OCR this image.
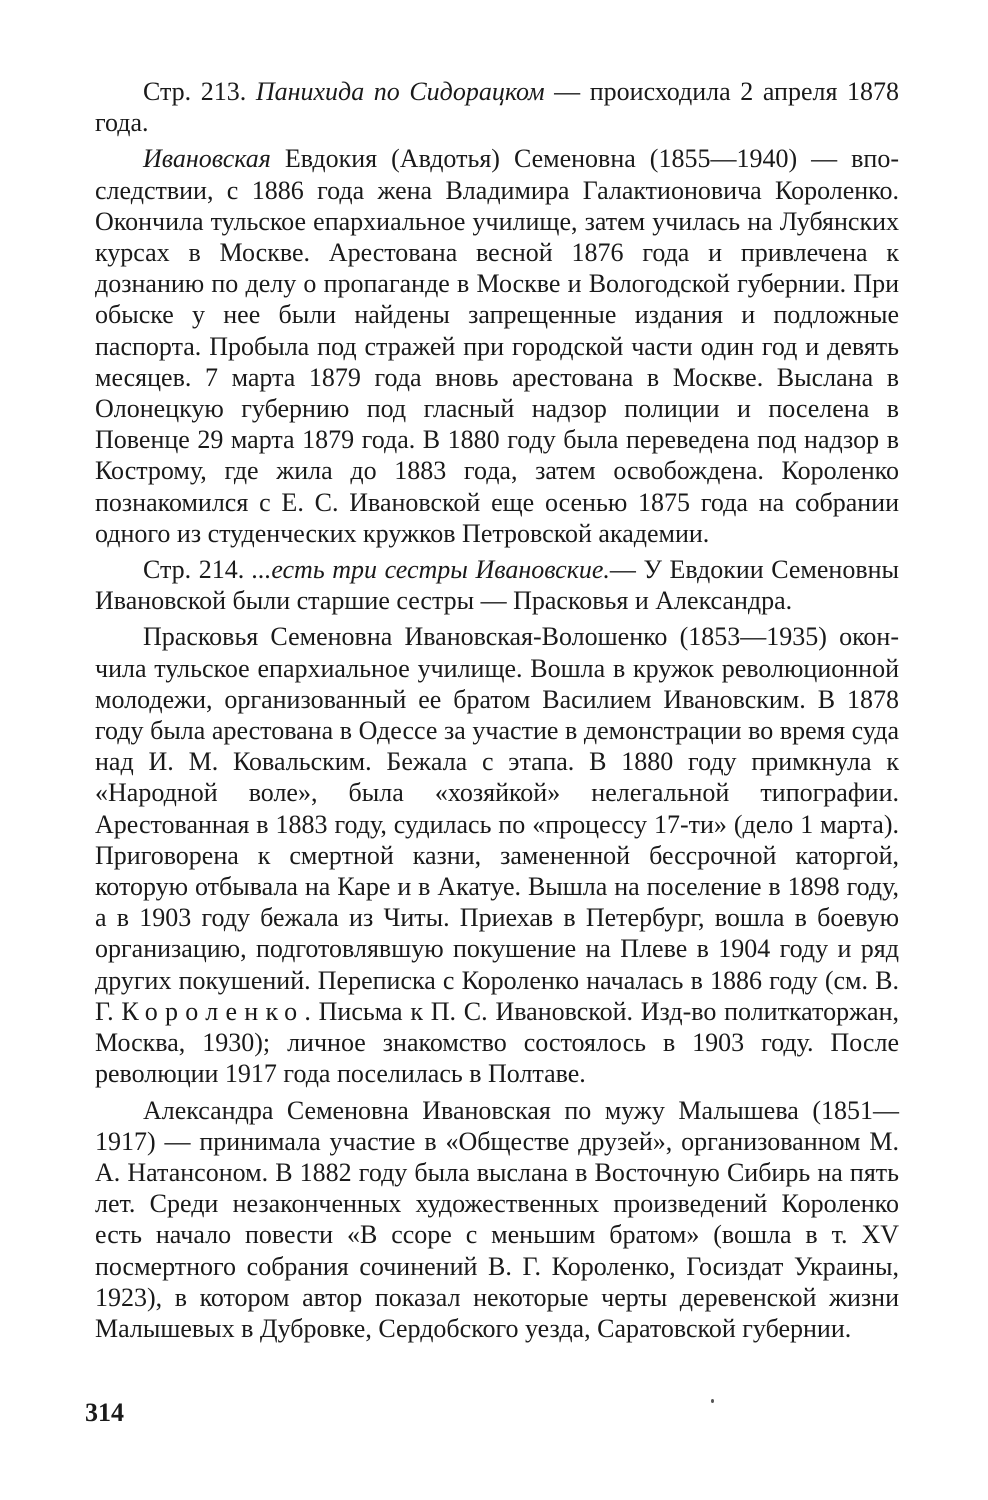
Стр. 213. Панихида по Сидорацком — происходила 2 апреля 1878 года.

Ивановская Евдокия (Авдотья) Семеновна (1855—1940) — впоследствии, с 1886 года жена Владимира Галактионовича Короленко. Окончила тульское епархиальное училище, затем училась на Лубянских курсах в Москве. Арестована весной 1876 года и привлечена к дознанию по делу о пропаганде в Москве и Вологодской губернии. При обыске у нее были найдены запрещенные издания и подложные паспорта. Пробыла под стражей при городской части один год и девять месяцев. 7 марта 1879 года вновь арестована в Москве. Выслана в Олонецкую губернию под гласный надзор полиции и поселена в Повенце 29 марта 1879 года. В 1880 году была переведена под надзор в Кострому, где жила до 1883 года, затем освобождена. Короленко познакомился с Е. С. Ивановской еще осенью 1875 года на собрании одного из студенческих кружков Петровской академии.

Стр. 214. ...есть три сестры Ивановские.— У Евдокии Семеновны Ивановской были старшие сестры — Прасковья и Александра.

Прасковья Семеновна Ивановская-Волошенко (1853—1935) окончила тульское епархиальное училище. Вошла в кружок революционной молодежи, организованный ее братом Василием Ивановским. В 1878 году была арестована в Одессе за участие в демонстрации во время суда над И. М. Ковальским. Бежала с этапа. В 1880 году примкнула к «Народной воле», была «хозяйкой» нелегальной типографии. Арестованная в 1883 году, судилась по «процессу 17-ти» (дело 1 марта). Приговорена к смертной казни, замененной бессрочной каторгой, которую отбывала на Каре и в Акатуе. Вышла на поселение в 1898 году, а в 1903 году бежала из Читы. Приехав в Петербург, вошла в боевую организацию, подготовлявшую покушение на Плеве в 1904 году и ряд других покушений. Переписка с Короленко началась в 1886 году (см. В. Г. Короленко. Письма к П. С. Ивановской. Изд-во политкаторжан, Москва, 1930); личное знакомство состоялось в 1903 году. После революции 1917 года поселилась в Полтаве.

Александра Семеновна Ивановская по мужу Малышева (1851—1917) — принимала участие в «Обществе друзей», организованном М. А. Натансоном. В 1882 году была выслана в Восточную Сибирь на пять лет. Среди незаконченных художественных произведений Короленко есть начало повести «В ссоре с меньшим братом» (вошла в т. XV посмертного собрания сочинений В. Г. Короленко, Госиздат Украины, 1923), в котором автор показал некоторые черты деревенской жизни Малышевых в Дубровке, Сердобского уезда, Саратовской губернии.

314
